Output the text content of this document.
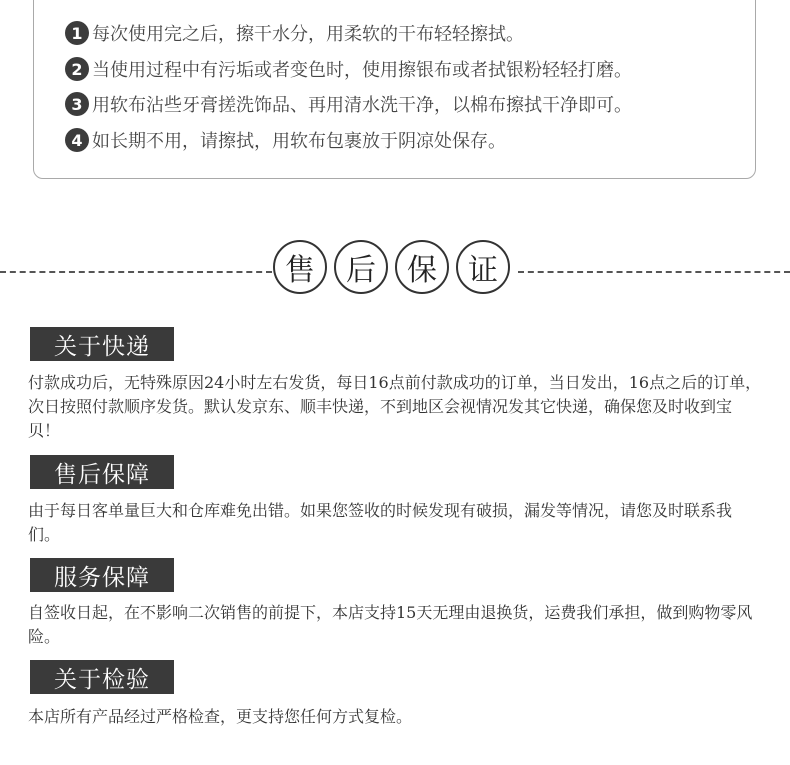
1 每次使用完之后，擦干水分，用柔软的干布轻轻擦拭。
2 当使用过程中有污垢或者变色时，使用擦银布或者拭银粉轻轻打磨。
3 用软布沾些牙膏搓洗饰品、再用清水洗干净，以棉布擦拭干净即可。
4 如长期不用，请擦拭，用软布包裹放于阴凉处保存。
售	后	保	证
关于快递

付款成功后，无特殊原因24小时左右发货，每日16点前付款成功的订单，当日发出，16点之后的订单，次日按照付款顺序发货。默认发京东、顺丰快递，不到地区会视情况发其它快递，确保您及时收到宝贝！

售后保障

由于每日客单量巨大和仓库难免出错。如果您签收的时候发现有破损，漏发等情况，请您及时联系我们。

服务保障

自签收日起，在不影响二次销售的前提下，本店支持15天无理由退换货，运费我们承担，做到购物零风险。

关于检验

本店所有产品经过严格检查，更支持您任何方式复检。
